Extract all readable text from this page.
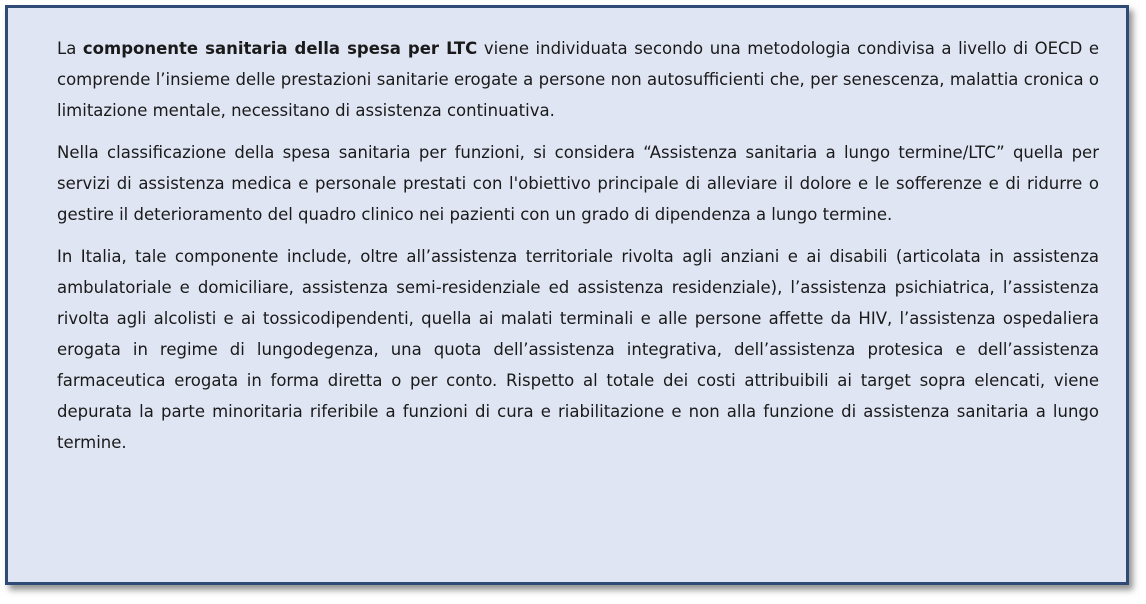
La componente sanitaria della spesa per LTC viene individuata secondo una metodologia condivisa a livello di OECD e comprende l’insieme delle prestazioni sanitarie erogate a persone non autosufficienti che, per senescenza, malattia cronica o limitazione mentale, necessitano di assistenza continuativa.

Nella classificazione della spesa sanitaria per funzioni, si considera “Assistenza sanitaria a lungo termine/LTC” quella per servizi di assistenza medica e personale prestati con l'obiettivo principale di alleviare il dolore e le sofferenze e di ridurre o gestire il deterioramento del quadro clinico nei pazienti con un grado di dipendenza a lungo termine.

In Italia, tale componente include, oltre all’assistenza territoriale rivolta agli anziani e ai disabili (articolata in assistenza ambulatoriale e domiciliare, assistenza semi-residenziale ed assistenza residenziale), l’assistenza psichiatrica, l’assistenza rivolta agli alcolisti e ai tossicodipendenti, quella ai malati terminali e alle persone affette da HIV, l’assistenza ospedaliera erogata in regime di lungodegenza, una quota dell’assistenza integrativa, dell’assistenza protesica e dell’assistenza farmaceutica erogata in forma diretta o per conto. Rispetto al totale dei costi attribuibili ai target sopra elencati, viene depurata la parte minoritaria riferibile a funzioni di cura e riabilitazione e non alla funzione di assistenza sanitaria a lungo termine.
